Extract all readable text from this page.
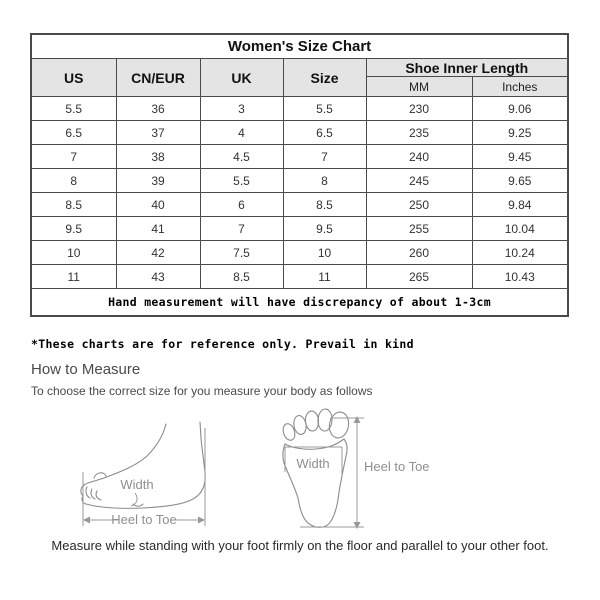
Women's Size Chart					
US	CN/EUR	UK	Size	Shoe Inner Length	
				MM	Inches
5.5	36	3	5.5	230	9.06
6.5	37	4	6.5	235	9.25
7	38	4.5	7	240	9.45
8	39	5.5	8	245	9.65
8.5	40	6	8.5	250	9.84
9.5	41	7	9.5	255	10.04
10	42	7.5	10	260	10.24
11	43	8.5	11	265	10.43
Hand measurement will have discrepancy of about 1-3cm					
*These charts are for reference only. Prevail in kind
How to Measure
To choose the correct size for you measure your body as follows
Heel to Toe
Width
Width	Heel to Toe
Measure while standing with your foot firmly on the floor and parallel to your other foot.
